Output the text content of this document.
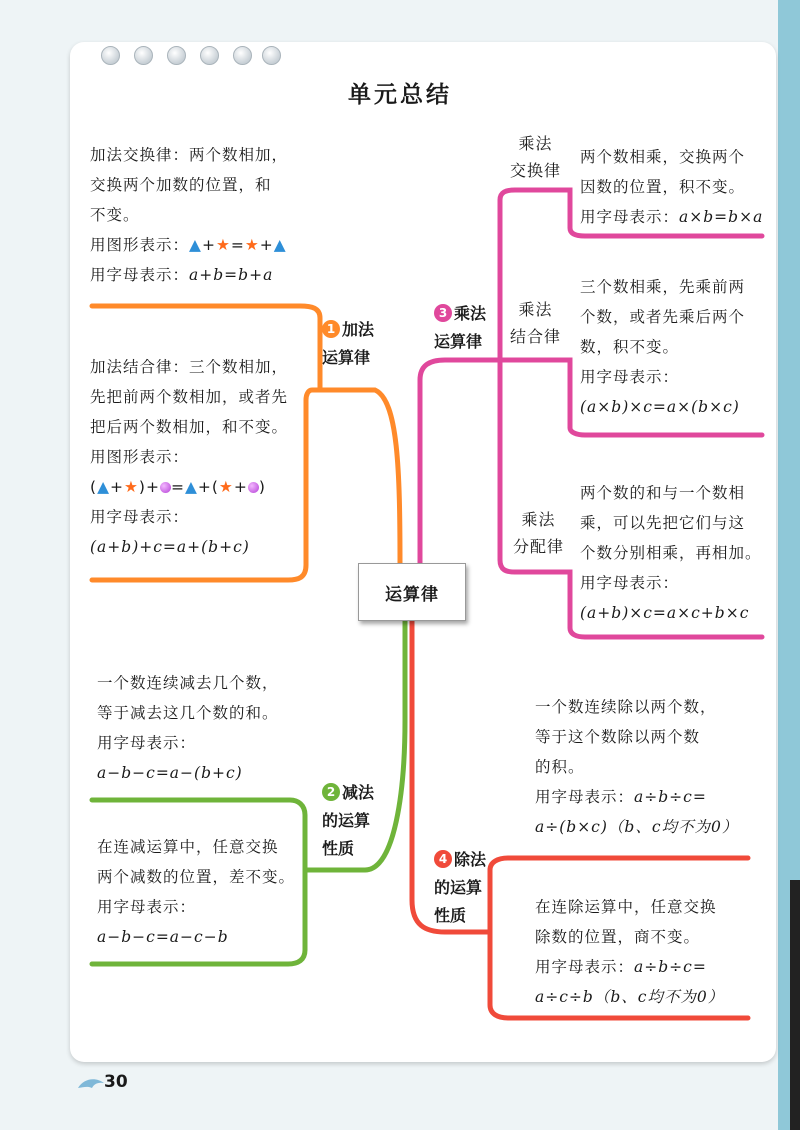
单元总结
运算律
1 加法
运算律
3 乘法
运算律
2 减法
的运算
性质
4 除法
的运算
性质
加法交换律：两个数相加，
交换两个加数的位置，和
不变。
用图形表示：▲+★=★+▲
用字母表示：a+b=b+a
加法结合律：三个数相加，
先把前两个数相加，或者先
把后两个数相加，和不变。
用图形表示：
(▲+★)+ =▲+(★+ )
用字母表示：
(a+b)+c=a+(b+c)
一个数连续减去几个数，
等于减去这几个数的和。
用字母表示：
a−b−c=a−(b+c)
在连减运算中，任意交换
两个减数的位置，差不变。
用字母表示：
a−b−c=a−c−b
乘法
交换律
乘法
结合律
乘法
分配律
两个数相乘，交换两个
因数的位置，积不变。
用字母表示：a×b=b×a
三个数相乘，先乘前两
个数，或者先乘后两个
数，积不变。
用字母表示：
(a×b)×c=a×(b×c)
两个数的和与一个数相
乘，可以先把它们与这
个数分别相乘，再相加。
用字母表示：
(a+b)×c=a×c+b×c
一个数连续除以两个数，
等于这个数除以两个数
的积。
用字母表示：a÷b÷c=
a÷(b×c)（b、c均不为0）
在连除运算中，任意交换
除数的位置，商不变。
用字母表示：a÷b÷c=
a÷c÷b（b、c均不为0）
30
